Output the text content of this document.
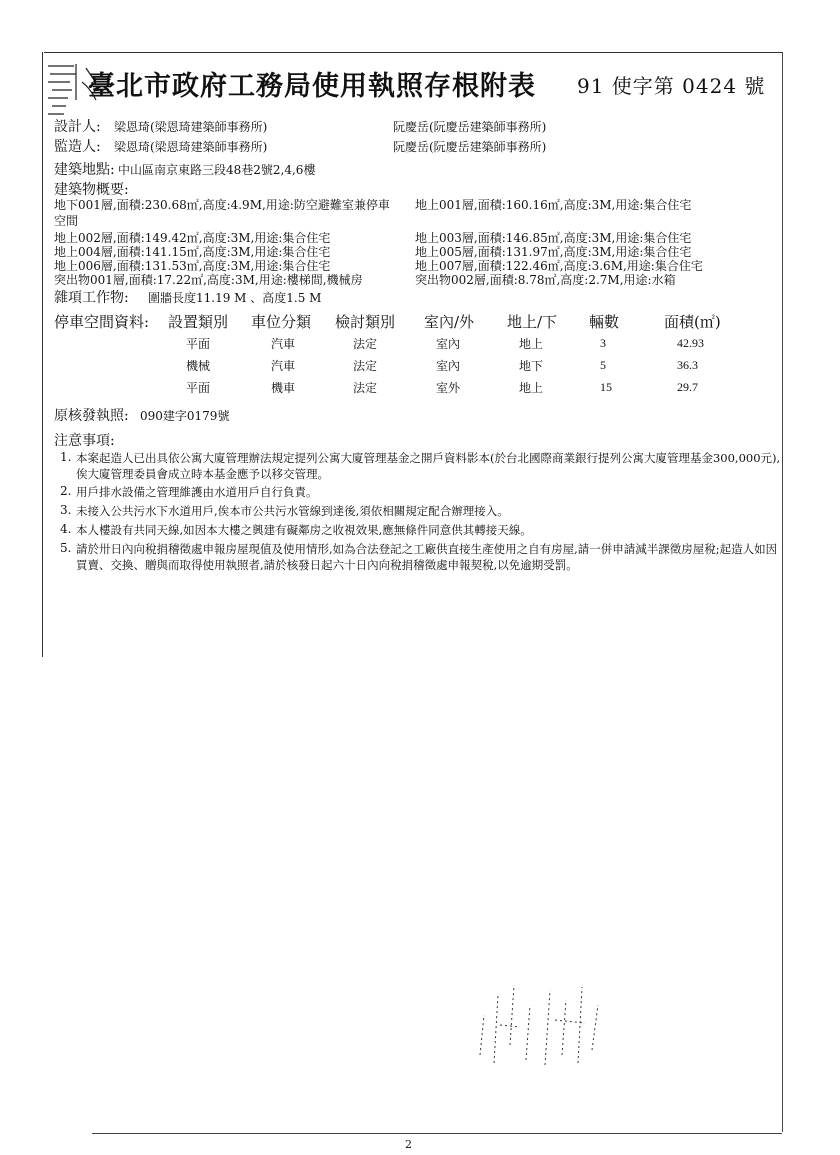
臺北市政府工務局使用執照存根附表 91 使字第 0424 號
設計人: 梁恩琦(梁恩琦建築師事務所)	阮慶岳(阮慶岳建築師事務所)
監造人: 梁恩琦(梁恩琦建築師事務所)	阮慶岳(阮慶岳建築師事務所)
建築地點: 中山區南京東路三段48巷2號2,4,6樓
建築物概要:
地下001層,面積:230.68㎡,高度:4.9M,用途:防空避難室兼停車 地上001層,面積:160.16㎡,高度:3M,用途:集合住宅
空間
地上002層,面積:149.42㎡,高度:3M,用途:集合住宅	地上003層,面積:146.85㎡,高度:3M,用途:集合住宅
地上004層,面積:141.15㎡,高度:3M,用途:集合住宅	地上005層,面積:131.97㎡,高度:3M,用途:集合住宅
地上006層,面積:131.53㎡,高度:3M,用途:集合住宅	地上007層,面積:122.46㎡,高度:3.6M,用途:集合住宅
突出物001層,面積:17.22㎡,高度:3M,用途:樓梯間,機械房	突出物002層,面積:8.78㎡,高度:2.7M,用途:水箱
雜項工作物: 圍牆長度11.19 M 、高度1.5 M
停車空間資料: 設置類別 車位分類 檢討類別 室內/外 地上/下 輛數	面積(㎡)
平面	汽車	法定	室內	地上	3	42.93
機械	汽車	法定	室內	地下	5	36.3
平面	機車	法定	室外	地上	15	29.7
原核發執照: 090建字0179號
注意事項:
1. 本案起造人已出具依公寓大廈管理辦法規定提列公寓大廈管理基金之開戶資料影本(於台北國際商業銀行提列公寓大廈管理基金300,000元),俟大廈管理委員會成立時本基金應予以移交管理。
2. 用戶排水設備之管理維護由水道用戶自行負責。
3. 未接入公共污水下水道用戶,俟本市公共污水管線到達後,須依相關規定配合辦理接入。
4. 本人樓設有共同天線,如因本大樓之興建有礙鄰房之收視效果,應無條件同意供其轉接天線。
5. 請於卅日內向稅捐稽徵處申報房屋現值及使用情形,如為合法登記之工廠供直接生產使用之自有房屋,請一併申請減半課徵房屋稅;起造人如因買賣、交換、贈與而取得使用執照者,請於核發日起六十日內向稅捐稽徵處申報契稅,以免逾期受罰。
2
